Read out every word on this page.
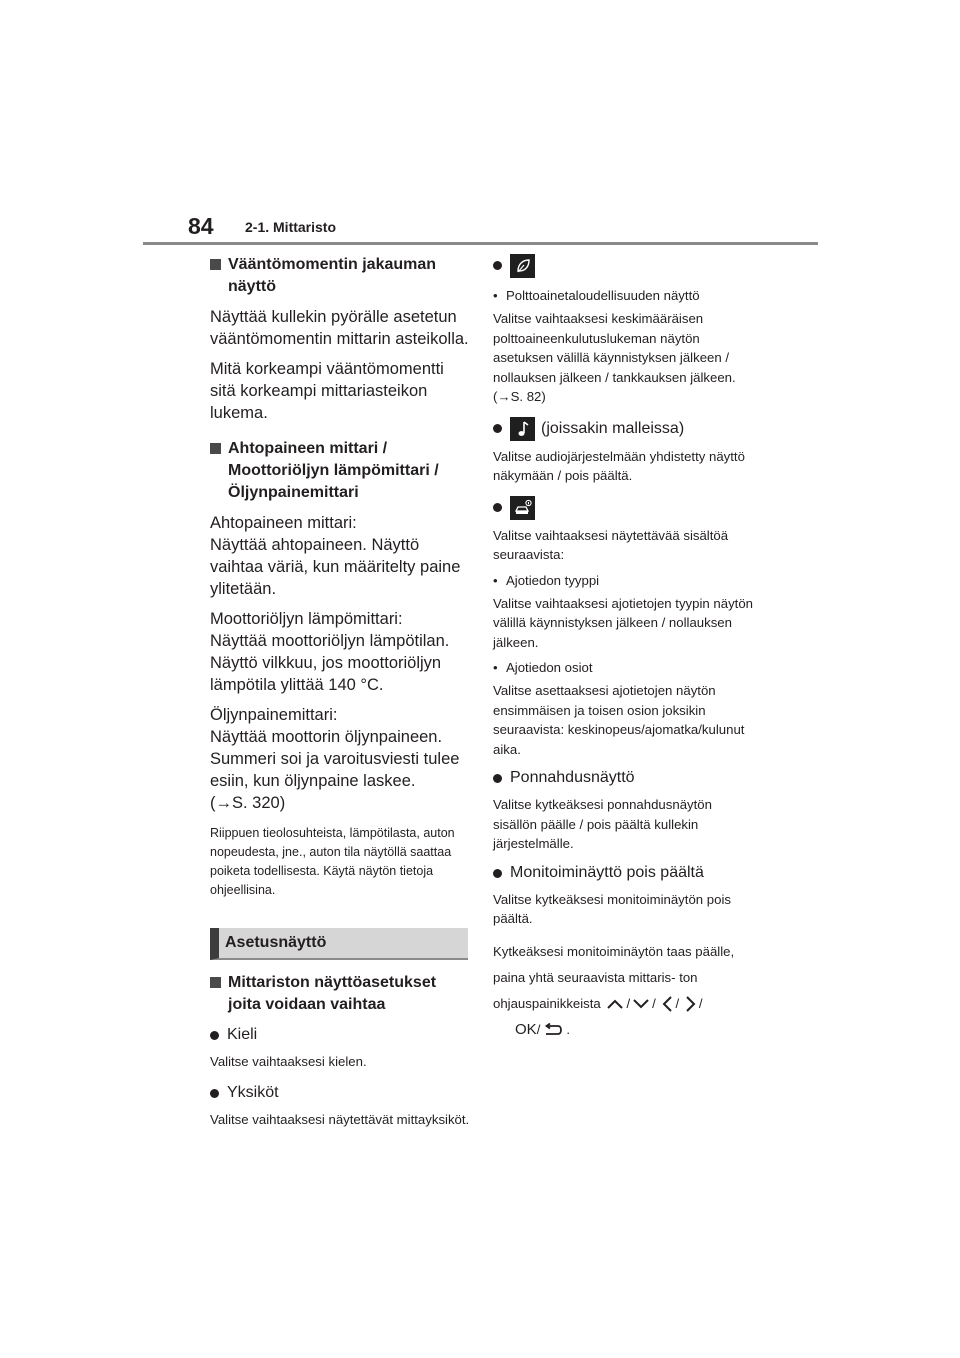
84 2-1. Mittaristo
Vääntömomentin jakauman näyttö

Näyttää kullekin pyörälle asetetun vääntömomentin mittarin asteikolla.

Mitä korkeampi vääntömomentti sitä korkeampi mittariasteikon lukema.

Ahtopaineen mittari / Moottoriöljyn lämpömittari / Öljynpainemittari

Ahtopaineen mittari:
Näyttää ahtopaineen. Näyttö vaihtaa väriä, kun määritelty paine ylitetään.

Moottoriöljyn lämpömittari:
Näyttää moottoriöljyn lämpötilan. Näyttö vilkkuu, jos moottoriöljyn lämpötila ylittää 140 °C.

Öljynpainemittari:
Näyttää moottorin öljynpaineen. Summeri soi ja varoitusviesti tulee esiin, kun öljynpaine laskee.
(→S. 320)

Riippuen tieolosuhteista, lämpötilasta, auton nopeudesta, jne., auton tila näytöllä saattaa poiketa todellisesta. Käytä näytön tietoja ohjeellisina.

Asetusnäyttö
Mittariston näyttöasetukset joita voidaan vaihtaa
Kieli

Valitse vaihtaaksesi kielen.

Yksiköt

Valitse vaihtaaksesi näytettävät mittayksiköt.

• Polttoainetaloudellisuuden näyttö

Valitse vaihtaaksesi keskimääräisen polttoaineenkulutuslukeman näytön asetuksen välillä käynnistyksen jälkeen / nollauksen jälkeen / tankkauksen jälkeen. (→S. 82)

(joissakin malleissa)

Valitse audiojärjestelmään yhdistetty näyttö näkymään / pois päältä.

Valitse vaihtaaksesi näytettävää sisältöä seuraavista:

• Ajotiedon tyyppi

Valitse vaihtaaksesi ajotietojen tyypin näytön välillä käynnistyksen jälkeen / nollauksen jälkeen.

• Ajotiedon osiot

Valitse asettaaksesi ajotietojen näytön ensimmäisen ja toisen osion joksikin seuraavista: keskinopeus/ajomatka/kulunut aika.

Ponnahdusnäyttö

Valitse kytkeäksesi ponnahdusnäytön sisällön päälle / pois päältä kullekin järjestelmälle.

Monitoiminäyttö pois päältä

Valitse kytkeäksesi monitoiminäytön pois päältä.

Kytkeäksesi monitoiminäytön taas päälle, paina yhtä seuraavista mittaris- ton ohjauspainikkeista / / / /
OK/ .
